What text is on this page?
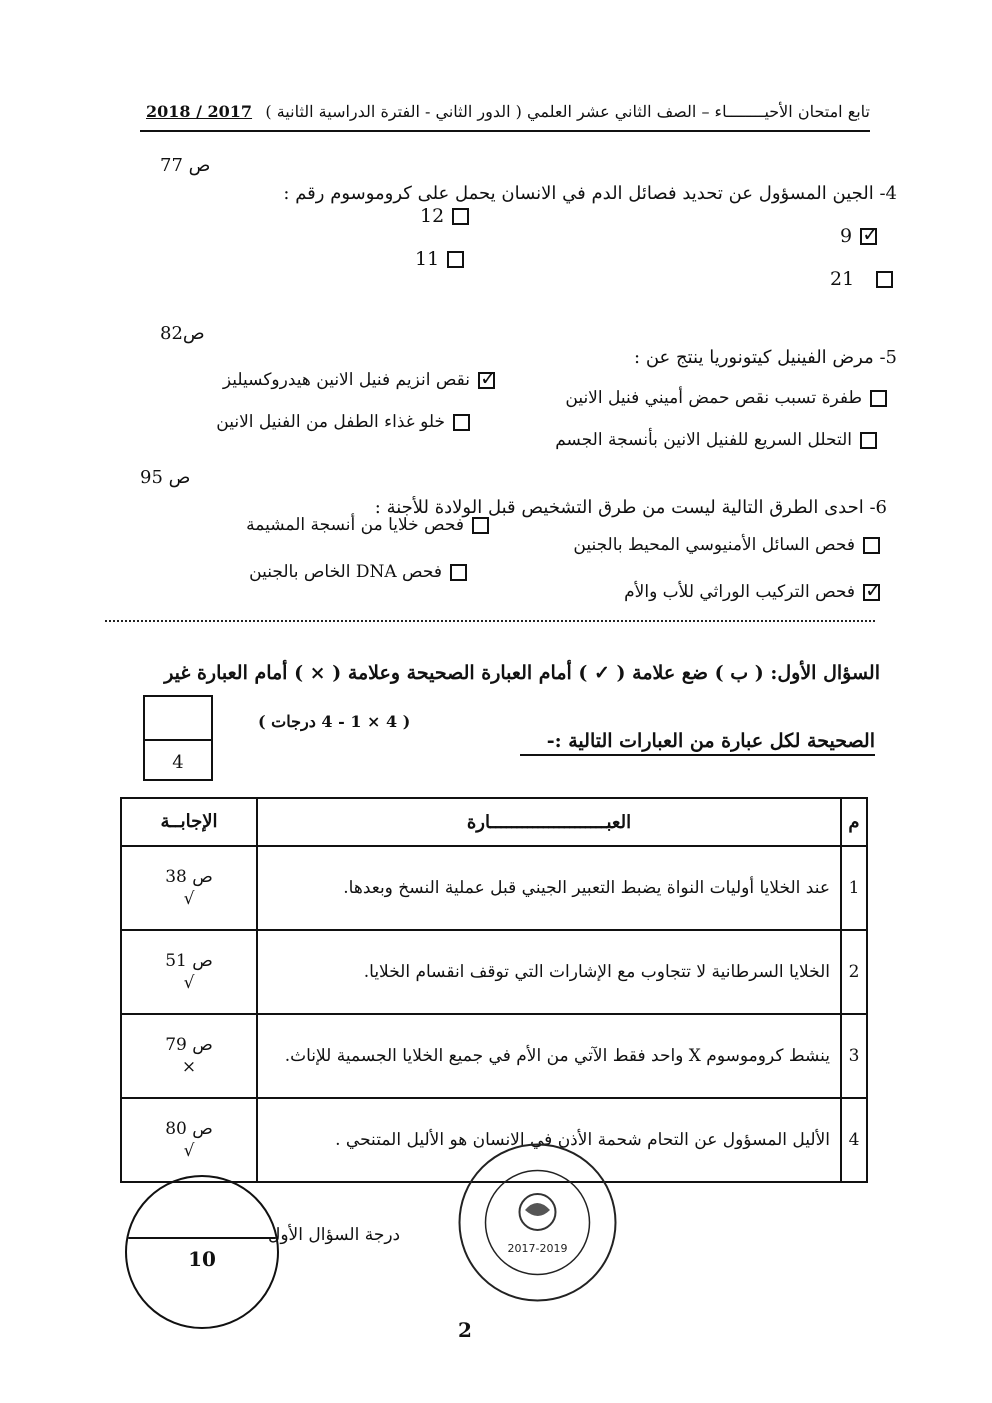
تابع امتحان الأحيــــــــاء – الصف الثاني عشر العلمي ( الدور الثاني - الفترة الدراسية الثانية )
2018 / 2017
4- الجين المسؤول عن تحديد فصائل الدم في الانسان يحمل على كروموسوم رقم :
ص 77
9
✓
12
21
11
ص82
5- مرض الفينيل كيتونوريا ينتج عن :
طفرة تسبب نقص حمض أميني فنيل الانين
✓
نقص انزيم فنيل الانين هيدروكسيليز
التحلل السريع للفنيل الانين بأنسجة الجسم
خلو غذاء الطفل من الفنيل الانين
ص 95
6- احدى الطرق التالية ليست من طرق التشخيص قبل الولادة للأجنة :
فحص السائل الأمنيوسي المحيط بالجنين
فحص خلايا من أنسجة المشيمة
✓
فحص التركيب الوراثي للأب والأم
فحص DNA الخاص بالجنين
السؤال الأول: ( ب ) ضع علامة ( ✓ ) أمام العبارة الصحيحة وعلامة ( × ) أمام العبارة غير
الصحيحة لكل عبارة من العبارات التالية :-
( 4 × 1 - 4 درجات )
4
م	العبــــــــــــــــــــــارة	الإجابــة
1	عند الخلايا أوليات النواة يضبط التعبير الجيني قبل عملية النسخ وبعدها.	ص 38
√

2	الخلايا السرطانية لا تتجاوب مع الإشارات التي توقف انقسام الخلايا.	ص 51
√

3	ينشط كروموسوم X واحد فقط الآتي من الأم في جميع الخلايا الجسمية للإناث.	ص 79
×

4	الأليل المسؤول عن التحام شحمة الأذن في الانسان هو الأليل المتنحي .	ص 80
√
10
درجة السؤال الأول
2017-2019
2
